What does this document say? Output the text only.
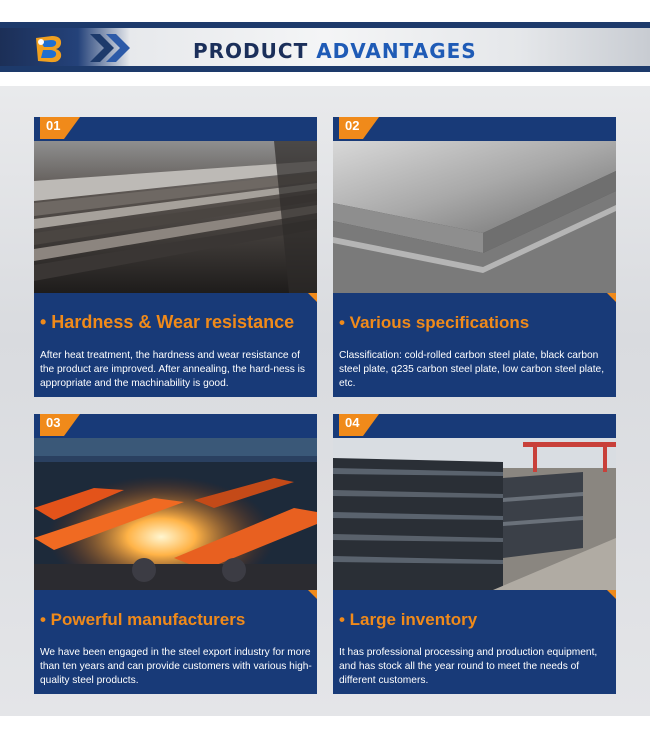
PRODUCT ADVANTAGES
01
• Hardness & Wear resistance
After heat treatment, the hardness and wear resistance of the product are improved. After annealing, the hard-ness is appropriate and the machinability is good.
02
• Various specifications
Classification: cold-rolled carbon steel plate, black carbon steel plate, q235 carbon steel plate, low carbon steel plate, etc.
03
• Powerful manufacturers
We have been engaged in the steel export industry for more than ten years and can provide customers with various high-quality steel products.
04
• Large inventory
It has professional processing and production equipment, and has stock all the year round to meet the needs of different customers.
